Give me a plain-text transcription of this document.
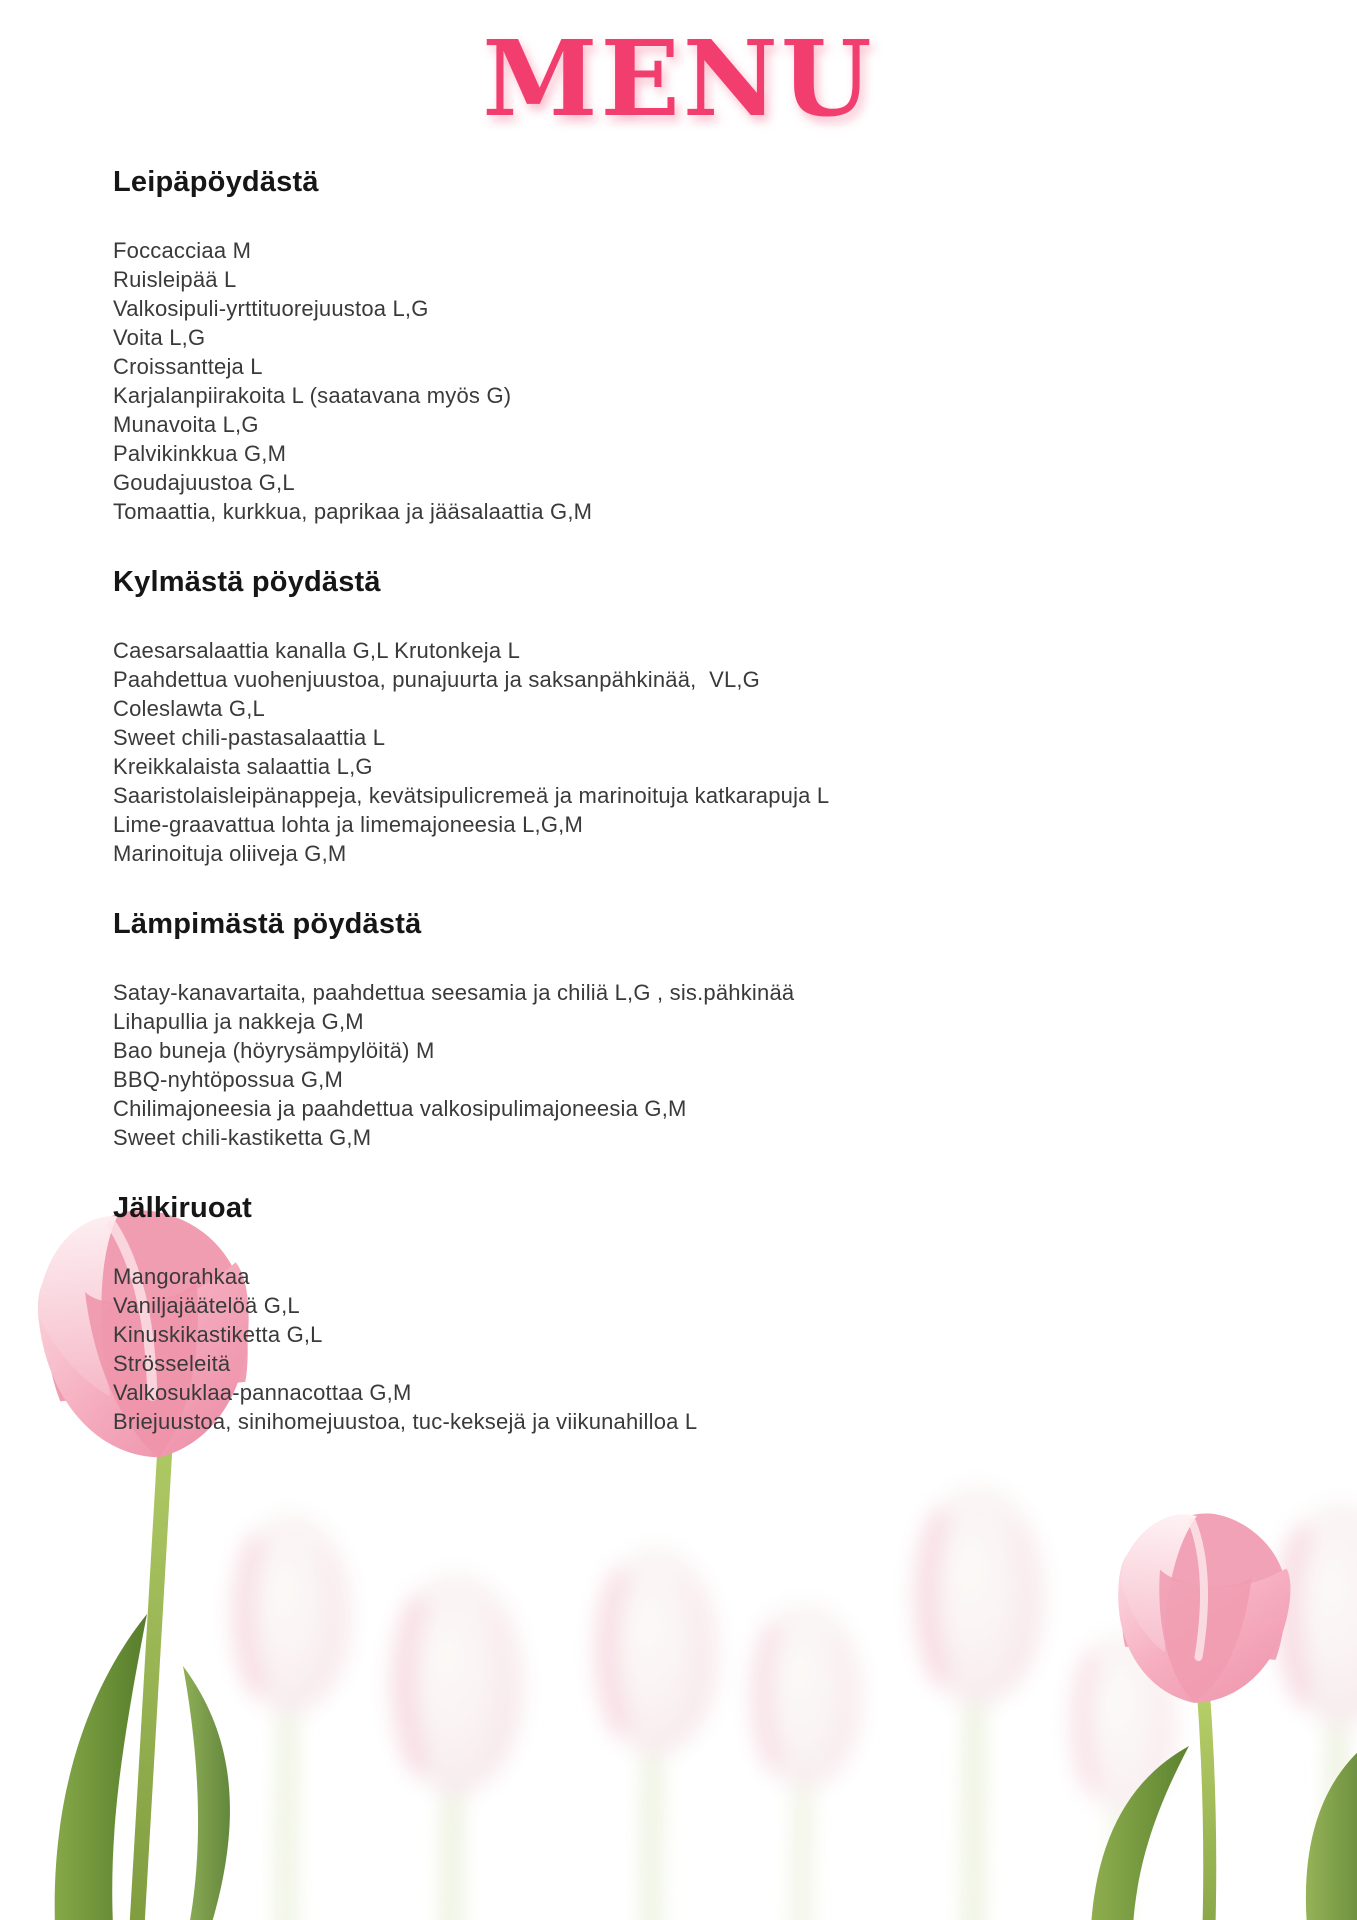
MENU
Leipäpöydästä
Foccacciaa M
Ruisleipää L
Valkosipuli-yrttituorejuustoa L,G
Voita L,G
Croissantteja L
Karjalanpiirakoita L (saatavana myös G)
Munavoita L,G
Palvikinkkua G,M
Goudajuustoa G,L
Tomaattia, kurkkua, paprikaa ja jääsalaattia G,M
Kylmästä pöydästä
Caesarsalaattia kanalla G,L Krutonkeja L
Paahdettua vuohenjuustoa, punajuurta ja saksanpähkinää,  VL,G
Coleslawta G,L
Sweet chili-pastasalaattia L
Kreikkalaista salaattia L,G
Saaristolaisleipänappeja, kevätsipulicremeä ja marinoituja katkarapuja L
Lime-graavattua lohta ja limemajoneesia L,G,M
Marinoituja oliiveja G,M
Lämpimästä pöydästä
Satay-kanavartaita, paahdettua seesamia ja chiliä L,G , sis.pähkinää
Lihapullia ja nakkeja G,M
Bao buneja (höyrysämpylöitä) M
BBQ-nyhtöpossua G,M
Chilimajoneesia ja paahdettua valkosipulimajoneesia G,M
Sweet chili-kastiketta G,M
Jälkiruoat
Mangorahkaa
Vaniljajäätelöä G,L
Kinuskikastiketta G,L
Strösseleitä
Valkosuklaa-pannacottaa G,M
Briejuustoa, sinihomejuustoa, tuc-keksejä ja viikunahilloa L
